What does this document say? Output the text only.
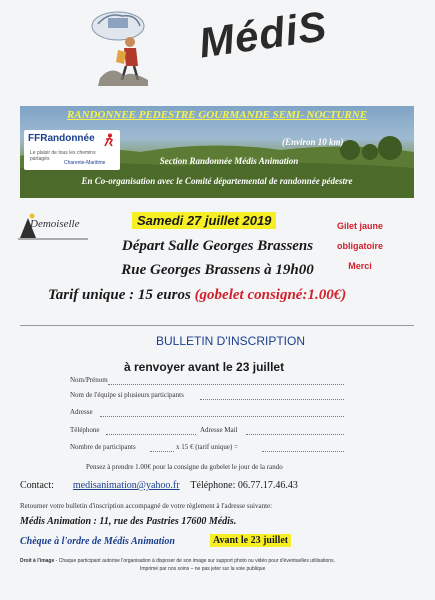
MédiS
RANDONNEE PEDESTRE GOURMANDE SEMI- NOCTURNE
FFRandonnée
Le plaisir de tous les chemins partagés
Charente-Maritime
(Environ 10 km)
Section Randonnée Médis Animation
En Co-organisation avec le Comité départemental de randonnée pédestre
Demoiselle	Samedi 27 juillet 2019	Gilet jaune obligatoire
Merci
Départ Salle Georges Brassens
Rue Georges Brassens à 19h00
Tarif unique : 15 euros (gobelet consigné:1.00€)
BULLETIN D'INSCRIPTION
à renvoyer avant le 23 juillet
Nom/Prénom
Nom de l'équipe si plusieurs participants
Adresse
Téléphone	Adresse Mail
Nombre de participants	x 15 € (tarif unique) =
Pensez à prendre 1.00€ pour la consigne du gobelet le jour de la rando
Contact: medisanimation@yahoo.fr Téléphone: 06.77.17.46.43
Retourner votre bulletin d'inscription accompagné de votre règlement à l'adresse suivante:
Médis Animation : 11, rue des Pastries 17600 Médis.
Chèque à l'ordre de Médis Animation	Avant le 23 juillet
Droit à l'image - Chaque participant autorise l'organisation à disposer de son image sur support photo ou vidéo pour d'éventuelles utilisations.
Imprimé par nos soins – ne pas jeter sur la voie publique
